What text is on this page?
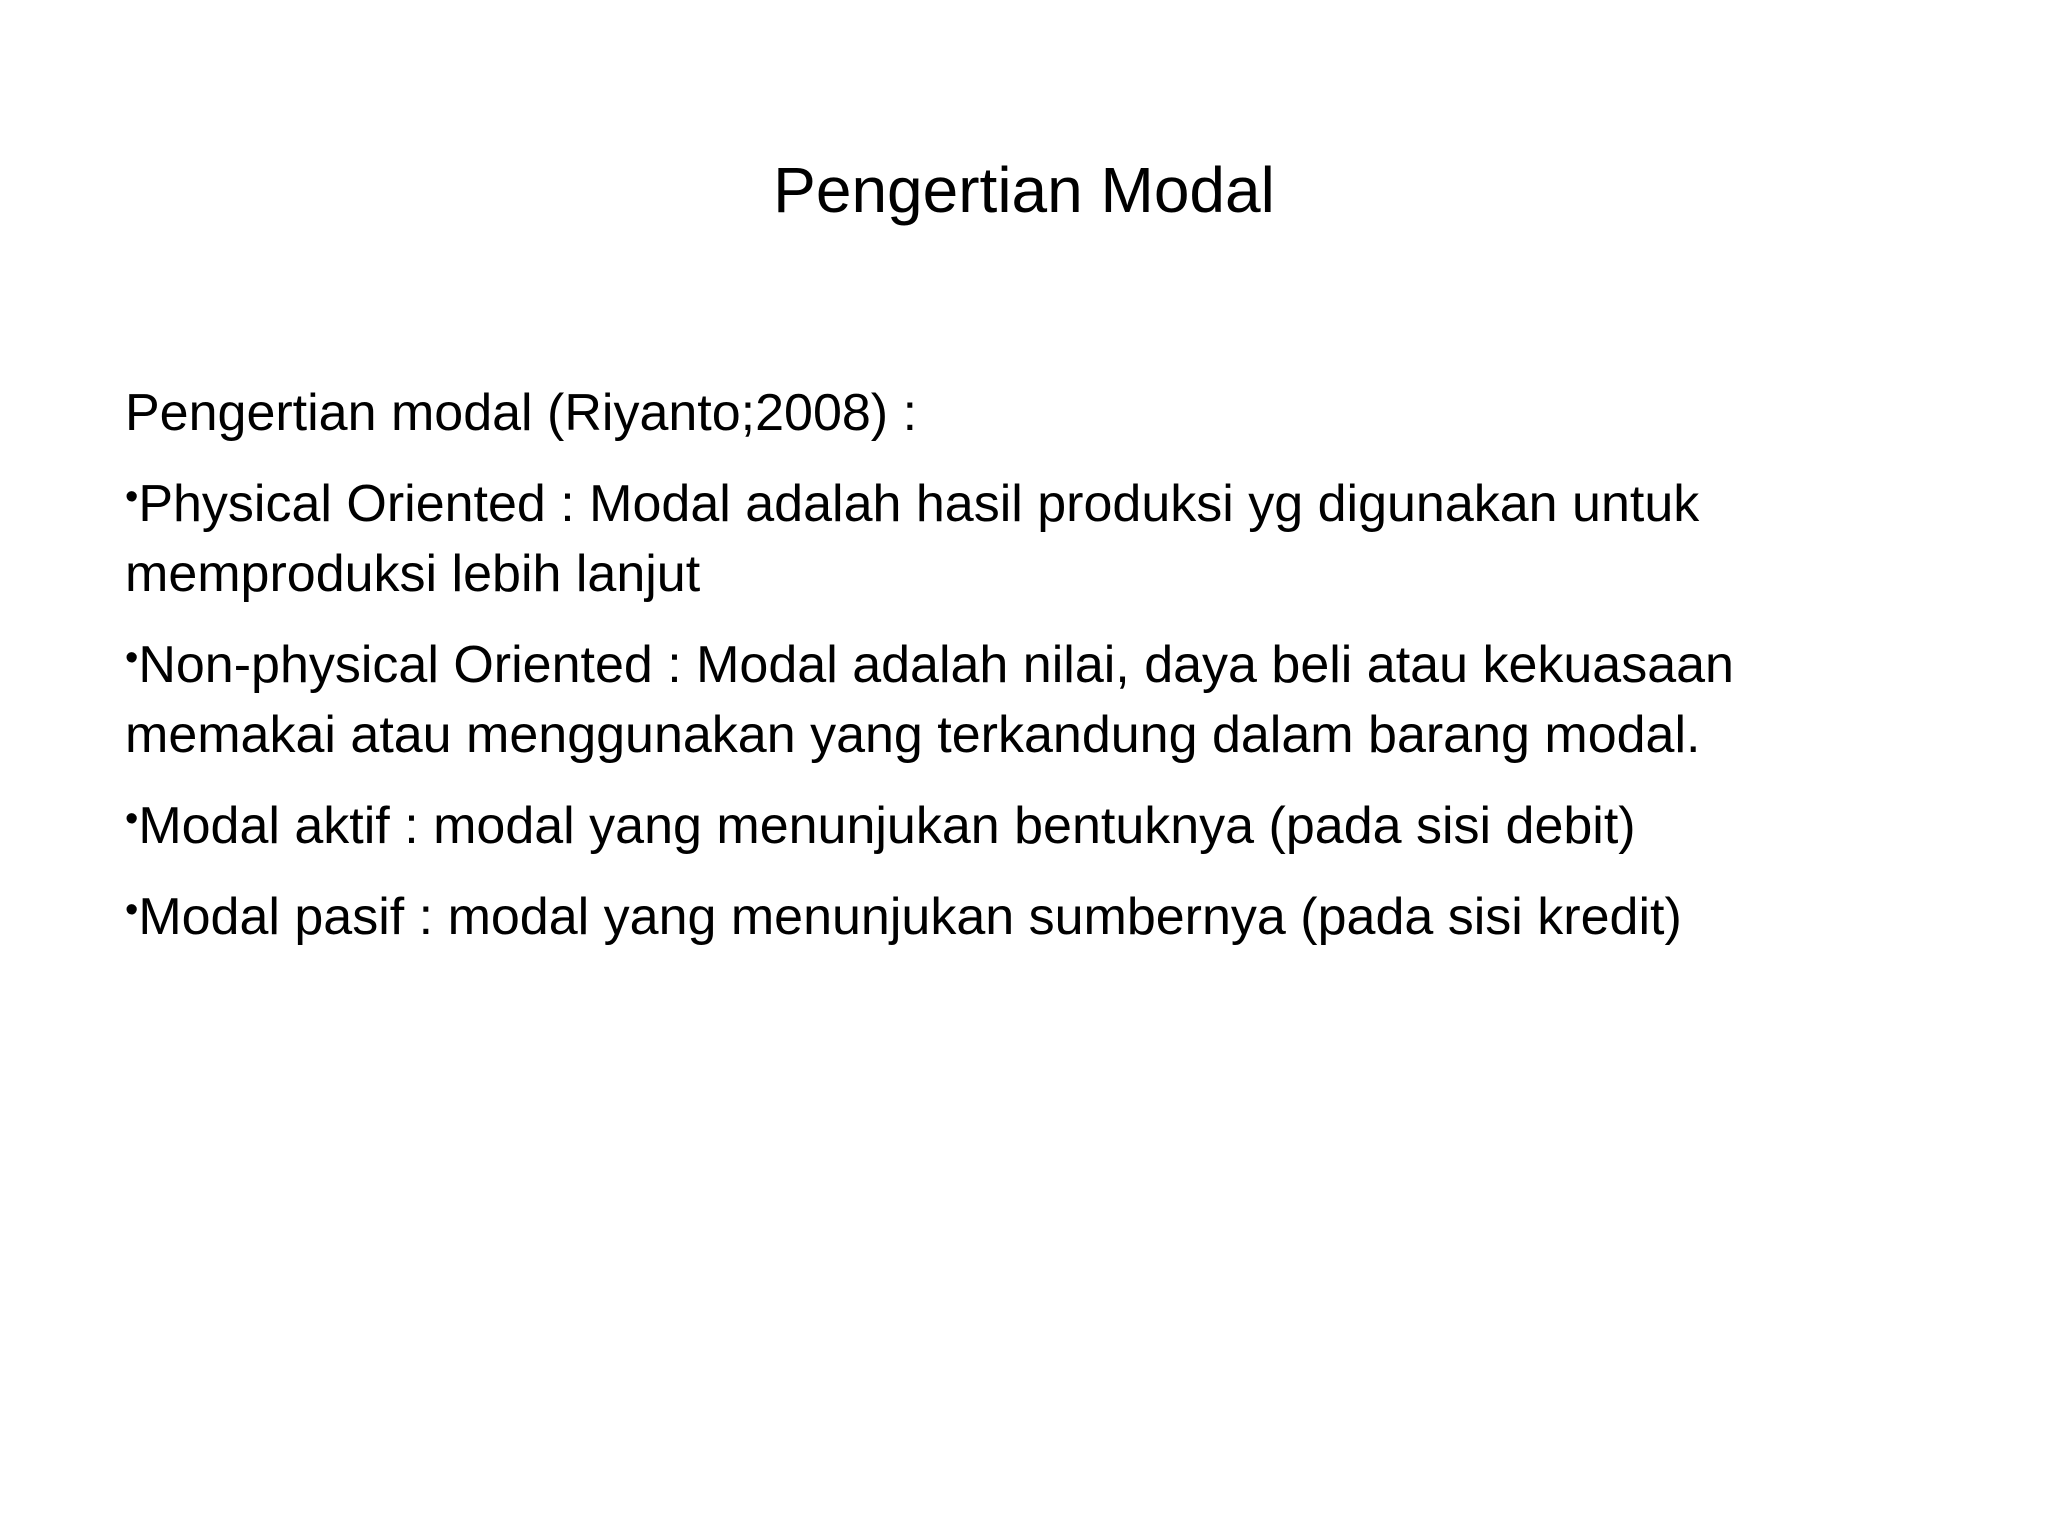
Pengertian Modal

Pengertian modal (Riyanto;2008) :

•Physical Oriented : Modal adalah hasil produksi yg digunakan untuk memproduksi lebih lanjut
•Non-physical Oriented : Modal adalah nilai, daya beli atau kekuasaan memakai atau menggunakan yang terkandung dalam barang modal.
•Modal aktif : modal yang menunjukan bentuknya (pada sisi debit)
•Modal pasif : modal yang menunjukan sumbernya (pada sisi kredit)
